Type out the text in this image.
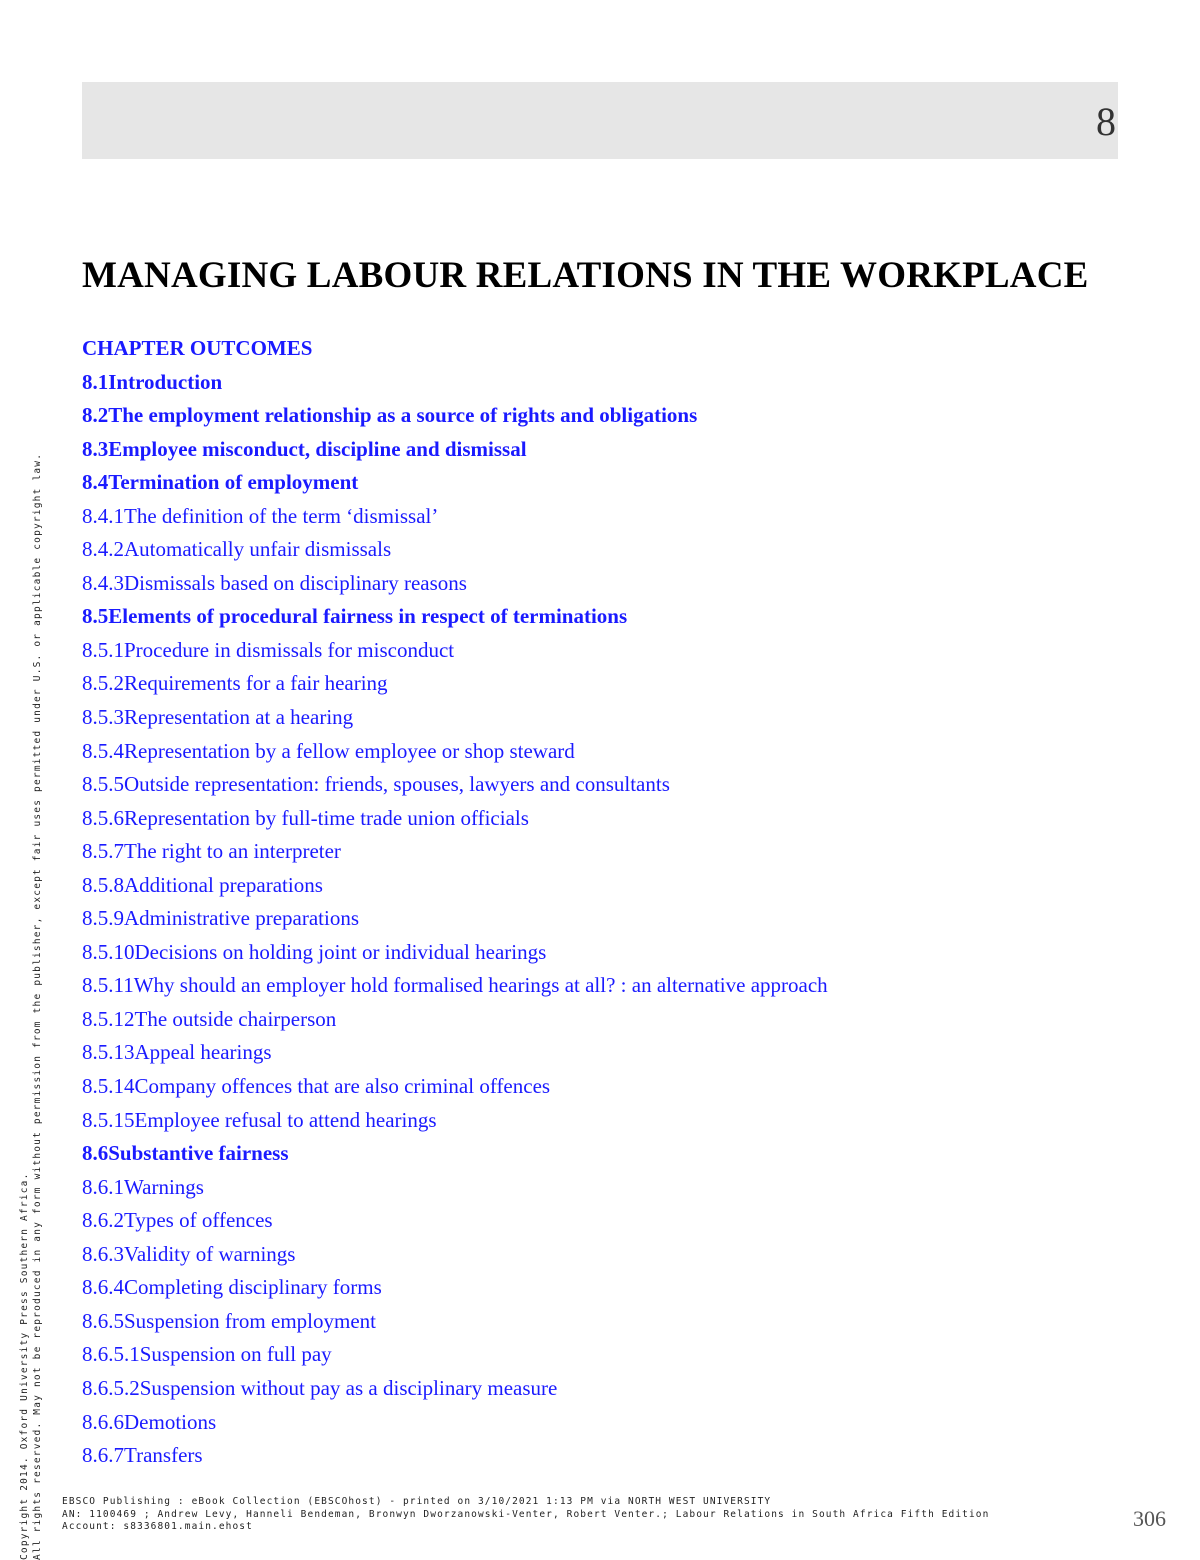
8
MANAGING LABOUR RELATIONS IN THE WORKPLACE
CHAPTER OUTCOMES
8.1Introduction
8.2The employment relationship as a source of rights and obligations
8.3Employee misconduct, discipline and dismissal
8.4Termination of employment
8.4.1The definition of the term ‘dismissal’
8.4.2Automatically unfair dismissals
8.4.3Dismissals based on disciplinary reasons
8.5Elements of procedural fairness in respect of terminations
8.5.1Procedure in dismissals for misconduct
8.5.2Requirements for a fair hearing
8.5.3Representation at a hearing
8.5.4Representation by a fellow employee or shop steward
8.5.5Outside representation: friends, spouses, lawyers and consultants
8.5.6Representation by full-time trade union officials
8.5.7The right to an interpreter
8.5.8Additional preparations
8.5.9Administrative preparations
8.5.10Decisions on holding joint or individual hearings
8.5.11Why should an employer hold formalised hearings at all? : an alternative approach
8.5.12The outside chairperson
8.5.13Appeal hearings
8.5.14Company offences that are also criminal offences
8.5.15Employee refusal to attend hearings
8.6Substantive fairness
8.6.1Warnings
8.6.2Types of offences
8.6.3Validity of warnings
8.6.4Completing disciplinary forms
8.6.5Suspension from employment
8.6.5.1Suspension on full pay
8.6.5.2Suspension without pay as a disciplinary measure
8.6.6Demotions
8.6.7Transfers
Copyright 2014. Oxford University Press Southern Africa. All rights reserved. May not be reproduced in any form without permission from the publisher, except fair uses permitted under U.S. or applicable copyright law. EBSCO Publishing : eBook Collection (EBSCOhost) - printed on 3/10/2021 1:13 PM via NORTH WEST UNIVERSITY
AN: 1100469 ; Andrew Levy, Hanneli Bendeman, Bronwyn Dworzanowski-Venter, Robert Venter.; Labour Relations in South Africa Fifth Edition
Account: s8336801.main.ehost	306
